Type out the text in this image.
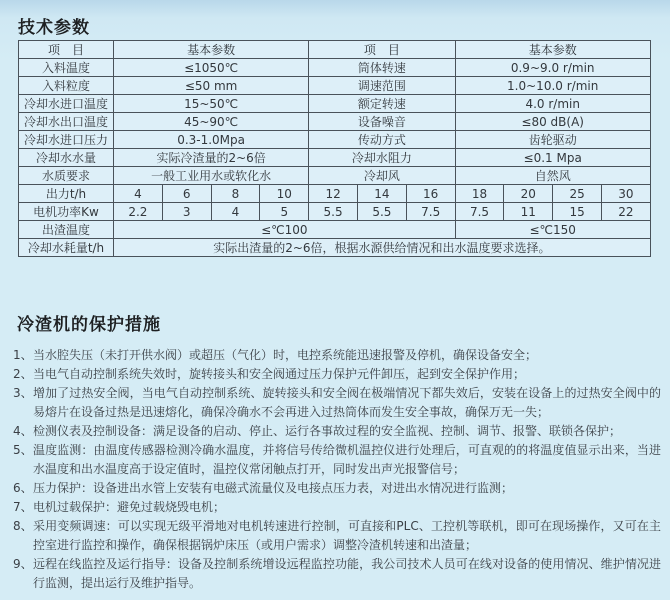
技术参数
项　目	基本参数				项　目			基本参数			
入料温度	≤1050℃				筒体转速			0.9~9.0 r/min			
入料粒度	≤50 mm				调速范围			1.0~10.0 r/min			
冷却水进口温度	15~50℃				额定转速			4.0 r/min			
冷却水出口温度	45~90℃				设备噪音			≤80 dB(A)			
冷却水进口压力	0.3-1.0Mpa				传动方式			齿轮驱动			
冷却水水量	实际冷渣量的2~6倍				冷却水阻力			≤0.1 Mpa			
水质要求	一般工业用水或软化水				冷却风			自然风			
出力t/h	4	6	8	10	12	14	16	18	20	25	30
电机功率Kw	2.2	3	4	5	5.5	5.5	7.5	7.5	11	15	22
出渣温度	≤℃100							≤℃150			
冷却水耗量t/h	实际出渣量的2~6倍，根据水源供给情况和出水温度要求选择。										
冷渣机的保护措施
1、 当水腔失压（未打开供水阀）或超压（气化）时，电控系统能迅速报警及停机，确保设备安全；
2、 当电气自动控制系统失效时，旋转接头和安全阀通过压力保护元件卸压，起到安全保护作用；
3、 增加了过热安全阀，当电气自动控制系统、旋转接头和安全阀在极端情况下都失效后，安装在设备上的过热安全阀中的易熔片在设备过热是迅速熔化，确保冷确水不会再进入过热筒体而发生安全事故，确保万无一失；
4、 检测仪表及控制设备：满足设备的启动、停止、运行各事故过程的安全监视、控制、调节、报警、联锁各保护；
5、 温度监测：由温度传感器检测冷确水温度，并将信号传给微机温控仪进行处理后，可直观的的将温度值显示出来，当进水温度和出水温度高于设定值时，温控仪常闭触点打开，同时发出声光报警信号；
6、 压力保护：设备进出水管上安装有电磁式流量仪及电接点压力表，对进出水情况进行监测；
7、 电机过载保护：避免过载烧毁电机；
8、 采用变频调速：可以实现无级平滑地对电机转速进行控制，可直接和PLC、工控机等联机，即可在现场操作，又可在主控室进行监控和操作，确保根据锅炉床压（或用户需求）调整冷渣机转速和出渣量；
9、 远程在线监控及运行指导：设备及控制系统增设远程监控功能，我公司技术人员可在线对设备的使用情况、维护情况进行监测，提出运行及维护指导。
